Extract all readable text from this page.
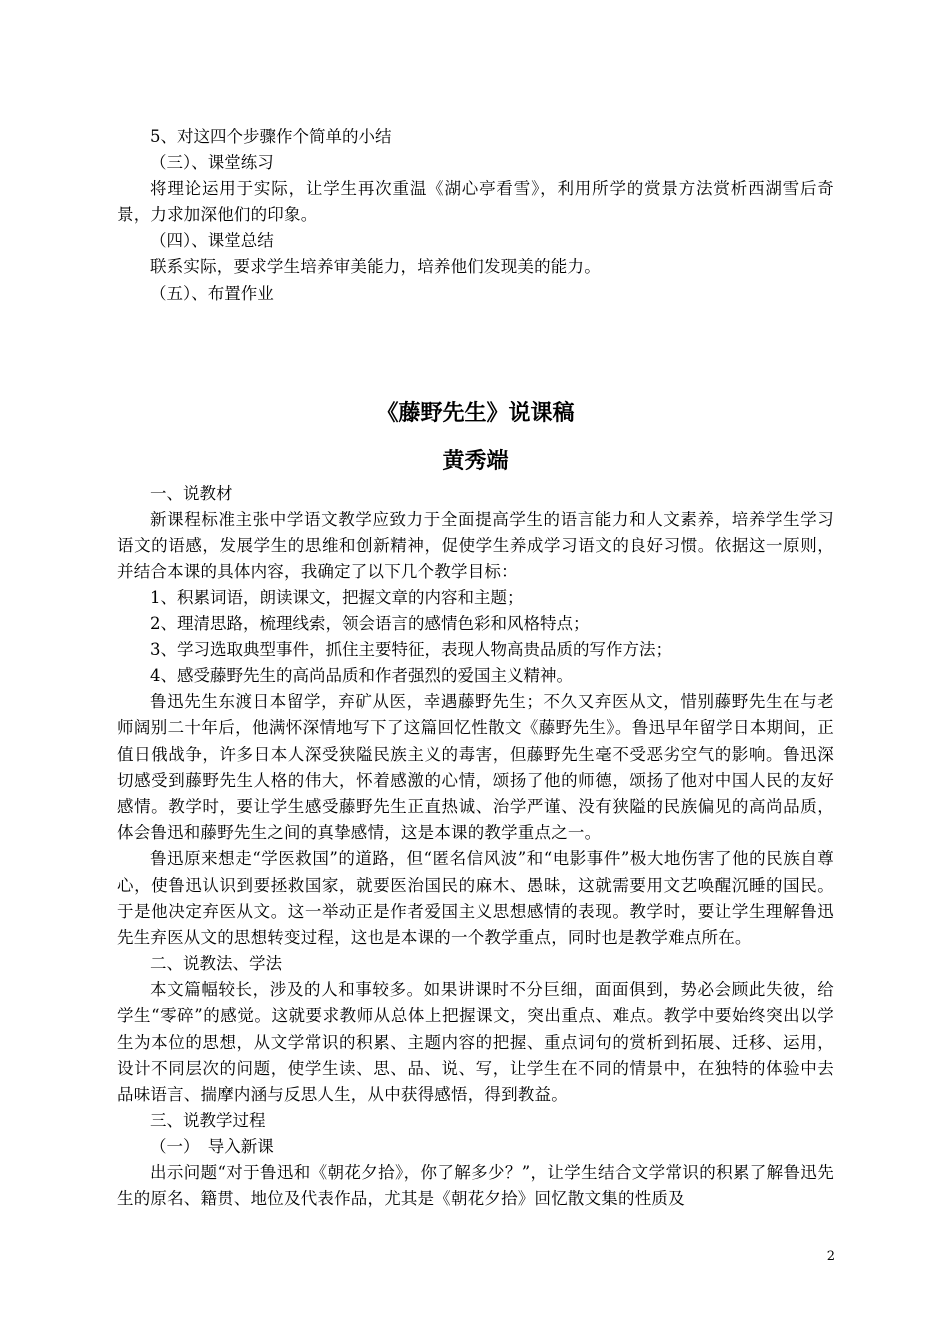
5、对这四个步骤作个简单的小结

（三）、课堂练习

将理论运用于实际，让学生再次重温《湖心亭看雪》，利用所学的赏景方法赏析西湖雪后奇景，力求加深他们的印象。

（四）、课堂总结

联系实际，要求学生培养审美能力，培养他们发现美的能力。

（五）、布置作业

《藤野先生》说课稿
黄秀端

一、说教材

新课程标准主张中学语文教学应致力于全面提高学生的语言能力和人文素养，培养学生学习语文的语感，发展学生的思维和创新精神，促使学生养成学习语文的良好习惯。依据这一原则，并结合本课的具体内容，我确定了以下几个教学目标：

1、积累词语，朗读课文，把握文章的内容和主题；

2、理清思路，梳理线索，领会语言的感情色彩和风格特点；

3、学习选取典型事件，抓住主要特征，表现人物高贵品质的写作方法；

4、感受藤野先生的高尚品质和作者强烈的爱国主义精神。

鲁迅先生东渡日本留学，弃矿从医，幸遇藤野先生；不久又弃医从文，惜别藤野先生在与老师阔别二十年后，他满怀深情地写下了这篇回忆性散文《藤野先生》。鲁迅早年留学日本期间，正值日俄战争，许多日本人深受狭隘民族主义的毒害，但藤野先生毫不受恶劣空气的影响。鲁迅深切感受到藤野先生人格的伟大，怀着感激的心情，颂扬了他的师德，颂扬了他对中国人民的友好感情。教学时，要让学生感受藤野先生正直热诚、治学严谨、没有狭隘的民族偏见的高尚品质，体会鲁迅和藤野先生之间的真挚感情，这是本课的教学重点之一。

鲁迅原来想走“学医救国”的道路，但“匿名信风波”和“电影事件”极大地伤害了他的民族自尊心，使鲁迅认识到要拯救国家，就要医治国民的麻木、愚昧，这就需要用文艺唤醒沉睡的国民。于是他决定弃医从文。这一举动正是作者爱国主义思想感情的表现。教学时，要让学生理解鲁迅先生弃医从文的思想转变过程，这也是本课的一个教学重点，同时也是教学难点所在。

二、说教法、学法

本文篇幅较长，涉及的人和事较多。如果讲课时不分巨细，面面俱到，势必会顾此失彼，给学生“零碎”的感觉。这就要求教师从总体上把握课文，突出重点、难点。教学中要始终突出以学生为本位的思想，从文学常识的积累、主题内容的把握、重点词句的赏析到拓展、迁移、运用，设计不同层次的问题，使学生读、思、品、说、写，让学生在不同的情景中，在独特的体验中去品味语言、揣摩内涵与反思人生，从中获得感悟，得到教益。

三、说教学过程

（一）　导入新课

出示问题“对于鲁迅和《朝花夕拾》，你了解多少？”，让学生结合文学常识的积累了解鲁迅先生的原名、籍贯、地位及代表作品，尤其是《朝花夕拾》回忆散文集的性质及

2
